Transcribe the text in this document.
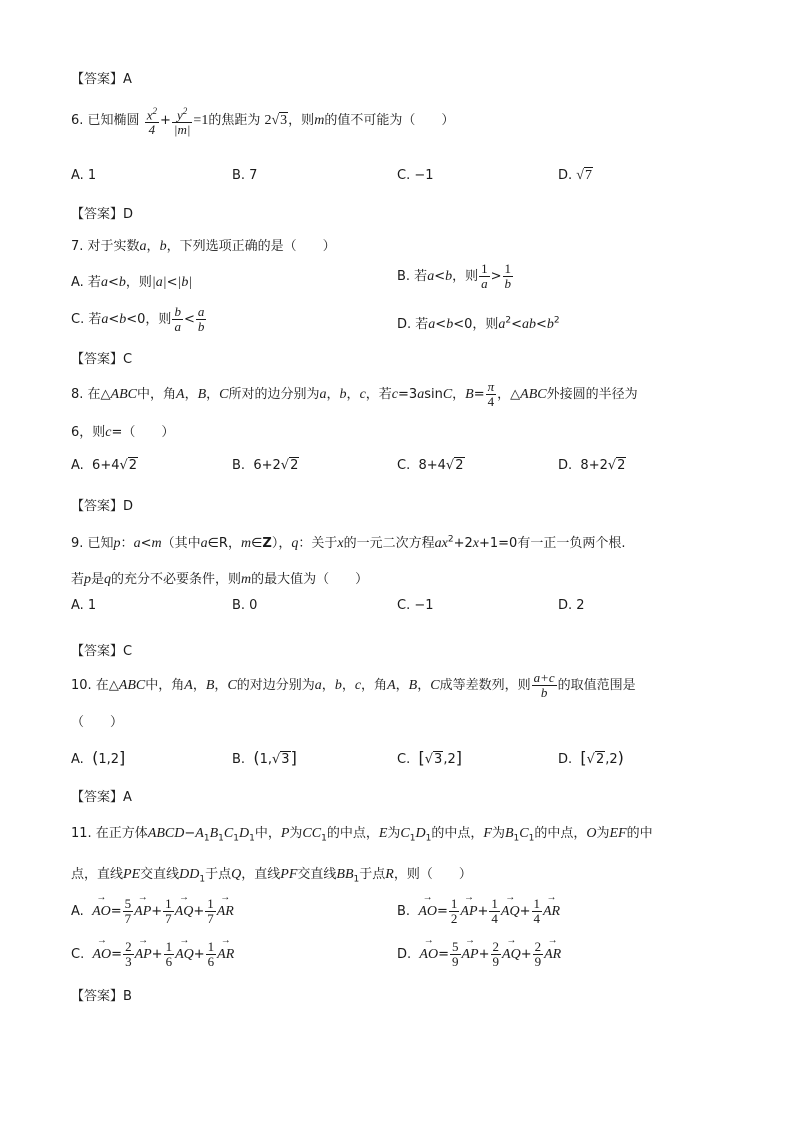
【答案】A
6. 已知椭圆 $\frac{x^2}{4} + \frac{y^2}{|m|} =1$的焦距为 2√3，则m的值不可能为（　　）
A. 1	B. 7	C. −1	D. √7
【答案】D
7. 对于实数a，b，下列选项正确的是（　　）
A. 若a<b，则|a|<|b|	B. 若a<b，则 $\frac{1}{a} > \frac{1}{b}$
C. 若a<b<0，则 $\frac{b}{a} < \frac{a}{b}$	D. 若a<b<0，则$a^2<ab<b^2$
【答案】C
8. 在△ABC中，角A，B，C所对的边分别为a，b，c，若c=3asinC，$B= \frac{\pi}{4}$ ，△ABC外接圆的半径为
6，则c=（　　）
A.  6+4√2	B.  6+2√2	C.  8+4√2	D.  8+2√2
【答案】D
9. 已知p：a<m（其中a∈R，m∈Z），q：关于x的一元二次方程$ax^2+2x+1=0$有一正一负两个根.
若p是q的充分不必要条件，则m的最大值为（　　）
A. 1	B. 0	C. −1	D. 2
【答案】C
10. 在△ABC中，角A，B，C的对边分别为a，b，c，角A，B，C成等差数列，则 $\frac{a+c}{b}$ 的取值范围是
（　　）
A. (1,2]	B. (1,√3]	C. [√3,2]	D. [√2,2)
【答案】A
11. 在正方体$ABCD-A_1B_1C_1D_1$中，P为$CC_1$的中点，E为$C_1D_1$的中点，F为$B_1C_1$的中点，O为EF的中
点，直线PE交直线$DD_1$于点Q，直线PF交直线$BB_1$于点R，则（　　）
A.  → $AO= \frac{5}{7}$
→ $AP+ \frac{1}{7}$
→ $AQ+ \frac{1}{7}$
→ AR	B.  → $AO= \frac{1}{2}$
→ $AP+ \frac{1}{4}$
→ $AQ+ \frac{1}{4}$
→ AR
C.  → $AO= \frac{2}{3}$
→ $AP+ \frac{1}{6}$
→ $AQ+ \frac{1}{6}$
→ AR	D.  → $AO= \frac{5}{9}$
→ $AP+ \frac{2}{9}$
→ $AQ+ \frac{2}{9}$
→ AR
【答案】B
